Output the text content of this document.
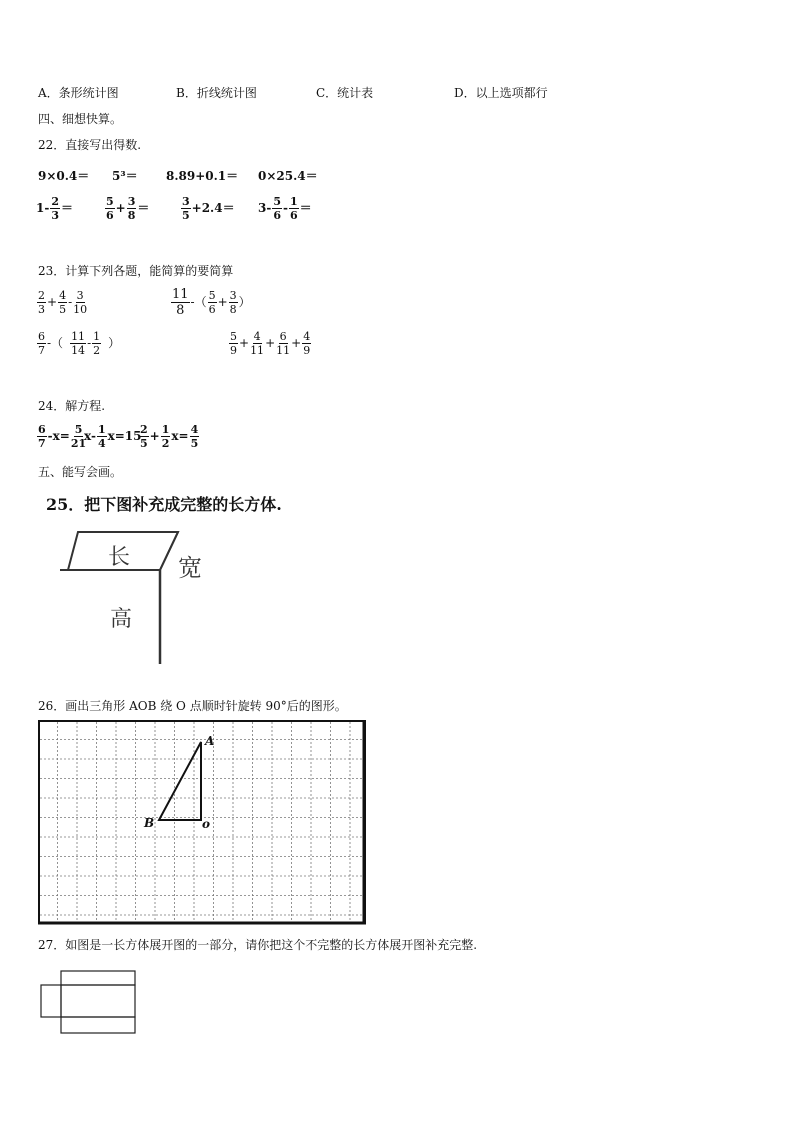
A．条形统计图	B．折线统计图	C．统计表	D．以上选项都行
四、细想快算。
22．直接写出得数.
9×0.4＝ 5³＝ 8.89+0.1＝ 0×25.4＝
$1- \frac{2}{3}$ ＝	$\frac{5}{6} + \frac{3}{8}$ ＝	$\frac{3}{5} +2.4= 3- \frac{5}{6} - \frac{1}{6}$ ＝
23．计算下列各题，能简算的要简算
$\frac{2}{3} + \frac{4}{5} - \frac{3}{10}$	$\frac{11}{8}$ -（ $\frac{5}{6} + \frac{3}{8}$ ）
$\frac{6}{7}$ -（ $\frac{11}{14} - \frac{1}{2}$ ）	$\frac{5}{9} + \frac{4}{11} + \frac{6}{11} + \frac{4}{9}$
24．解方程.
$\frac{6}{7} -x= \frac{5}{21}$
$x- \frac{1}{4} x=15$
$\frac{2}{5} + \frac{1}{2} x= \frac{4}{5}$
五、能写会画。
25．把下图补充成完整的长方体.
长 宽
高
26．画出三角形 AOB 绕 O 点顺时针旋转 90°后的图形。
A
B	o
27．如图是一长方体展开图的一部分，请你把这个不完整的长方体展开图补充完整.
